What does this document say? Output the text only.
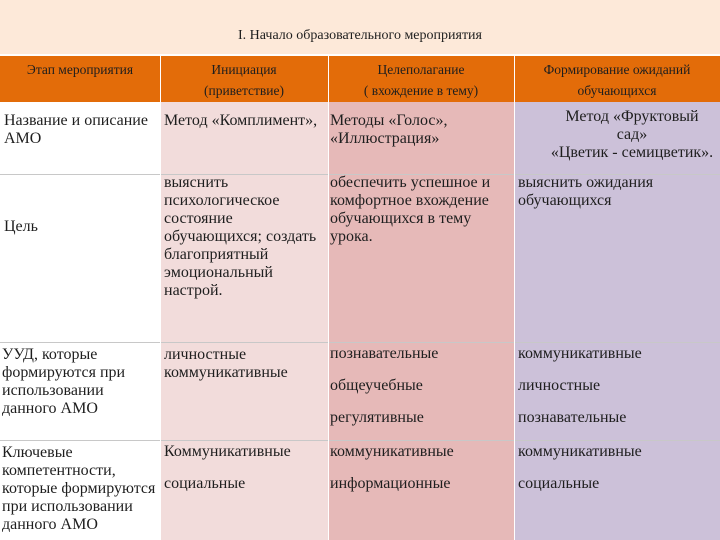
I. Начало образовательного мероприятия
Этап мероприятия	Инициация
(приветствие)
Целеполагание
( вхождение в тему)
Формирование ожиданий
обучающихся
Название и описание
АМО
Метод «Комплимент», Методы «Голос»,
«Иллюстрация»
Метод «Фруктовый
сад»
«Цветик - семицветик».
Цель
выяснить
психологическое
состояние
обучающихся; создать
благоприятный
эмоциональный
настрой.
обеспечить успешное и
комфортное вхождение
обучающихся в тему
урока.
выяснить ожидания
обучающихся
УУД, которые
формируются при
использовании
данного АМО
личностные
коммуникативные
познавательные

общеучебные

регулятивные
коммуникативные

личностные

познавательные
Ключевые
компетентности,
которые формируются
при использовании
данного АМО
Коммуникативные

социальные
коммуникативные

информационные
коммуникативные

социальные
